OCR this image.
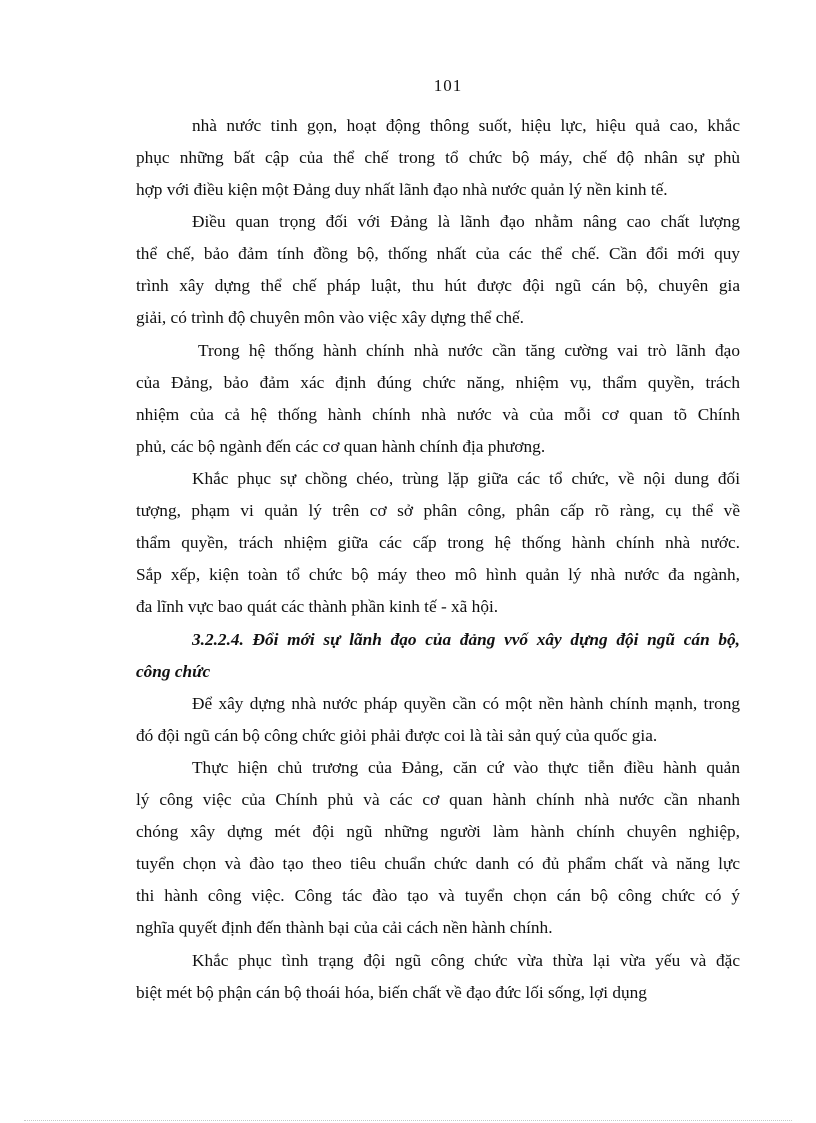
101
nhà nước tinh gọn, hoạt động thông suốt, hiệu lực, hiệu quả cao, khắc
phục những bất cập của thể chế trong tổ chức bộ máy, chế độ nhân sự phù
hợp với điều kiện một Đảng duy nhất lãnh đạo nhà nước quản lý nền kinh tế.
Điều quan trọng đối với Đảng là lãnh đạo nhằm nâng cao chất lượng
thể chế, bảo đảm tính đồng bộ, thống nhất của các thể chế. Cần đổi mới quy
trình xây dựng thể chế pháp luật, thu hút được đội ngũ cán bộ, chuyên gia
giải, có trình độ chuyên môn vào việc xây dựng thể chế.
Trong hệ thống hành chính nhà nước cần tăng cường vai trò lãnh đạo
của Đảng, bảo đảm xác định đúng chức năng, nhiệm vụ, thẩm quyền, trách
nhiệm của cả hệ thống hành chính nhà nước và của mỗi cơ quan tõ Chính
phủ, các bộ ngành đến các cơ quan hành chính địa phương.
Khắc phục sự chồng chéo, trùng lặp giữa các tổ chức, về nội dung đối
tượng, phạm vi quản lý trên cơ sở phân công, phân cấp rõ ràng, cụ thể về
thẩm quyền, trách nhiệm giữa các cấp trong hệ thống hành chính nhà nước.
Sắp xếp, kiện toàn tổ chức bộ máy theo mô hình quản lý nhà nước đa ngành,
đa lĩnh vực bao quát các thành phần kinh tế - xã hội.
3.2.2.4. Đổi mới sự lãnh đạo của đảng vvố xây dựng đội ngũ cán bộ,
công chức
Để xây dựng nhà nước pháp quyền cần có một nền hành chính mạnh, trong
đó đội ngũ cán bộ công chức giỏi phải được coi là tài sản quý của quốc gia.
Thực hiện chủ trương của Đảng, căn cứ vào thực tiễn điều hành quản
lý công việc của Chính phủ và các cơ quan hành chính nhà nước cần nhanh
chóng xây dựng mét đội ngũ những người làm hành chính chuyên nghiệp,
tuyển chọn và đào tạo theo tiêu chuẩn chức danh có đủ phẩm chất và năng lực
thi hành công việc. Công tác đào tạo và tuyển chọn cán bộ công chức có ý
nghĩa quyết định đến thành bại của cải cách nền hành chính.
Khắc phục tình trạng đội ngũ công chức vừa thừa lại vừa yếu và đặc
biệt mét bộ phận cán bộ thoái hóa, biến chất về đạo đức lối sống, lợi dụng
